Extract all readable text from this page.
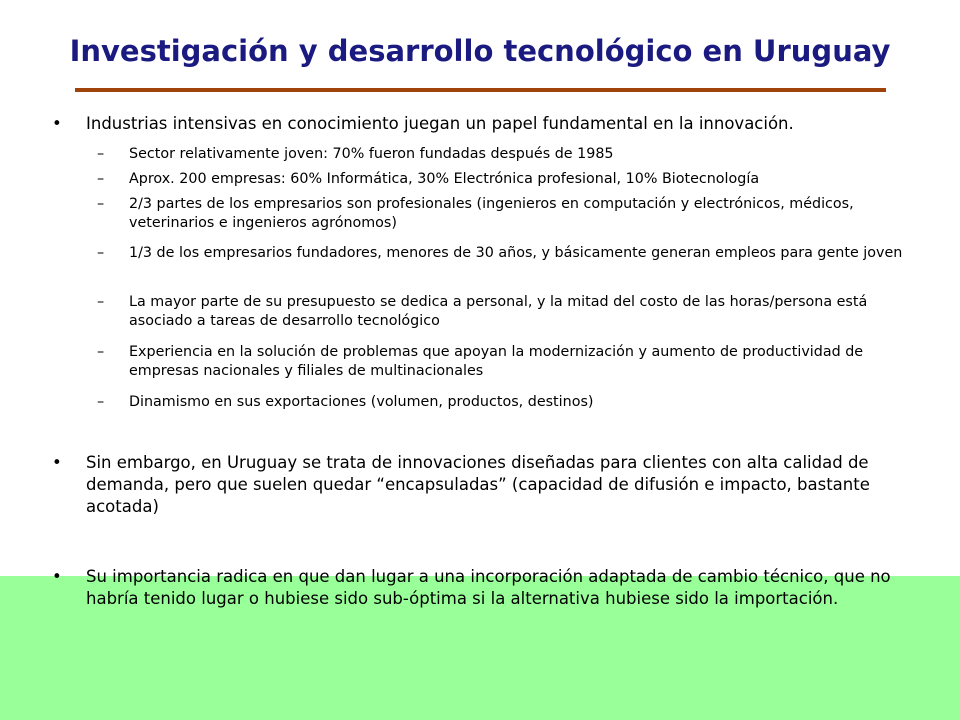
Investigación y desarrollo tecnológico en Uruguay
•	Industrias intensivas en conocimiento juegan un papel fundamental en la innovación.
–	Sector relativamente joven: 70% fueron fundadas después de 1985
–	Aprox. 200 empresas: 60% Informática, 30% Electrónica profesional, 10% Biotecnología
–	2/3 partes de los empresarios son profesionales (ingenieros en computación y electrónicos, médicos, veterinarios e ingenieros agrónomos)
–	1/3 de los empresarios fundadores, menores de 30 años, y básicamente generan empleos para gente joven
–	La mayor parte de su presupuesto se dedica a personal, y la mitad del costo de las horas/persona está asociado a tareas de desarrollo tecnológico
–	Experiencia en la solución de problemas que apoyan la modernización y aumento de productividad de empresas nacionales y filiales de multinacionales
–	Dinamismo en sus exportaciones (volumen, productos, destinos)
•	Sin embargo, en Uruguay se trata de innovaciones diseñadas para clientes con alta calidad de demanda, pero que suelen quedar “encapsuladas” (capacidad de difusión e impacto, bastante acotada)
•	Su importancia radica en que dan lugar a una incorporación adaptada de cambio técnico, que no habría tenido lugar o hubiese sido sub-óptima si la alternativa hubiese sido la importación.
